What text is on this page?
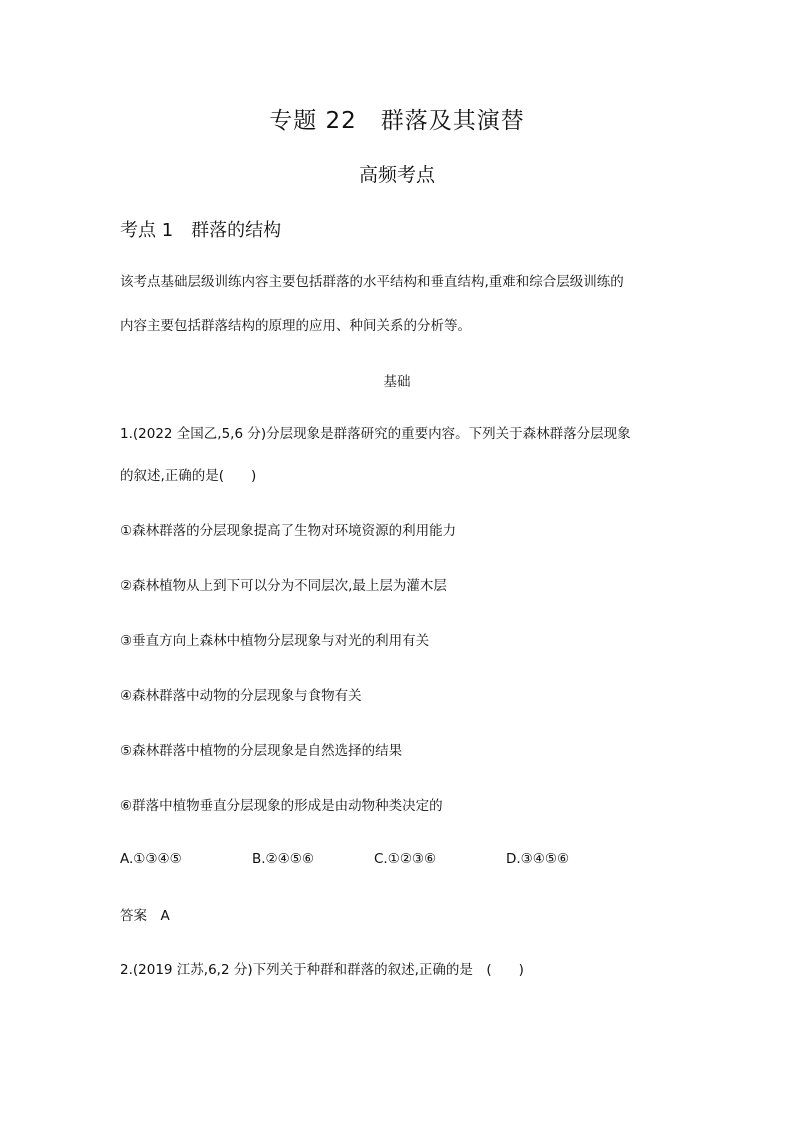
专题 22　群落及其演替
高频考点
考点 1　群落的结构
该考点基础层级训练内容主要包括群落的水平结构和垂直结构,重难和综合层级训练的
内容主要包括群落结构的原理的应用、种间关系的分析等。
基础
1.(2022 全国乙,5,6 分)分层现象是群落研究的重要内容。下列关于森林群落分层现象
的叙述,正确的是(　　)
①森林群落的分层现象提高了生物对环境资源的利用能力
②森林植物从上到下可以分为不同层次,最上层为灌木层
③垂直方向上森林中植物分层现象与对光的利用有关
④森林群落中动物的分层现象与食物有关
⑤森林群落中植物的分层现象是自然选择的结果
⑥群落中植物垂直分层现象的形成是由动物种类决定的
A.①③④⑤	B.②④⑤⑥	C.①②③⑥	D.③④⑤⑥
答案　A
2.(2019 江苏,6,2 分)下列关于种群和群落的叙述,正确的是　(　　)
